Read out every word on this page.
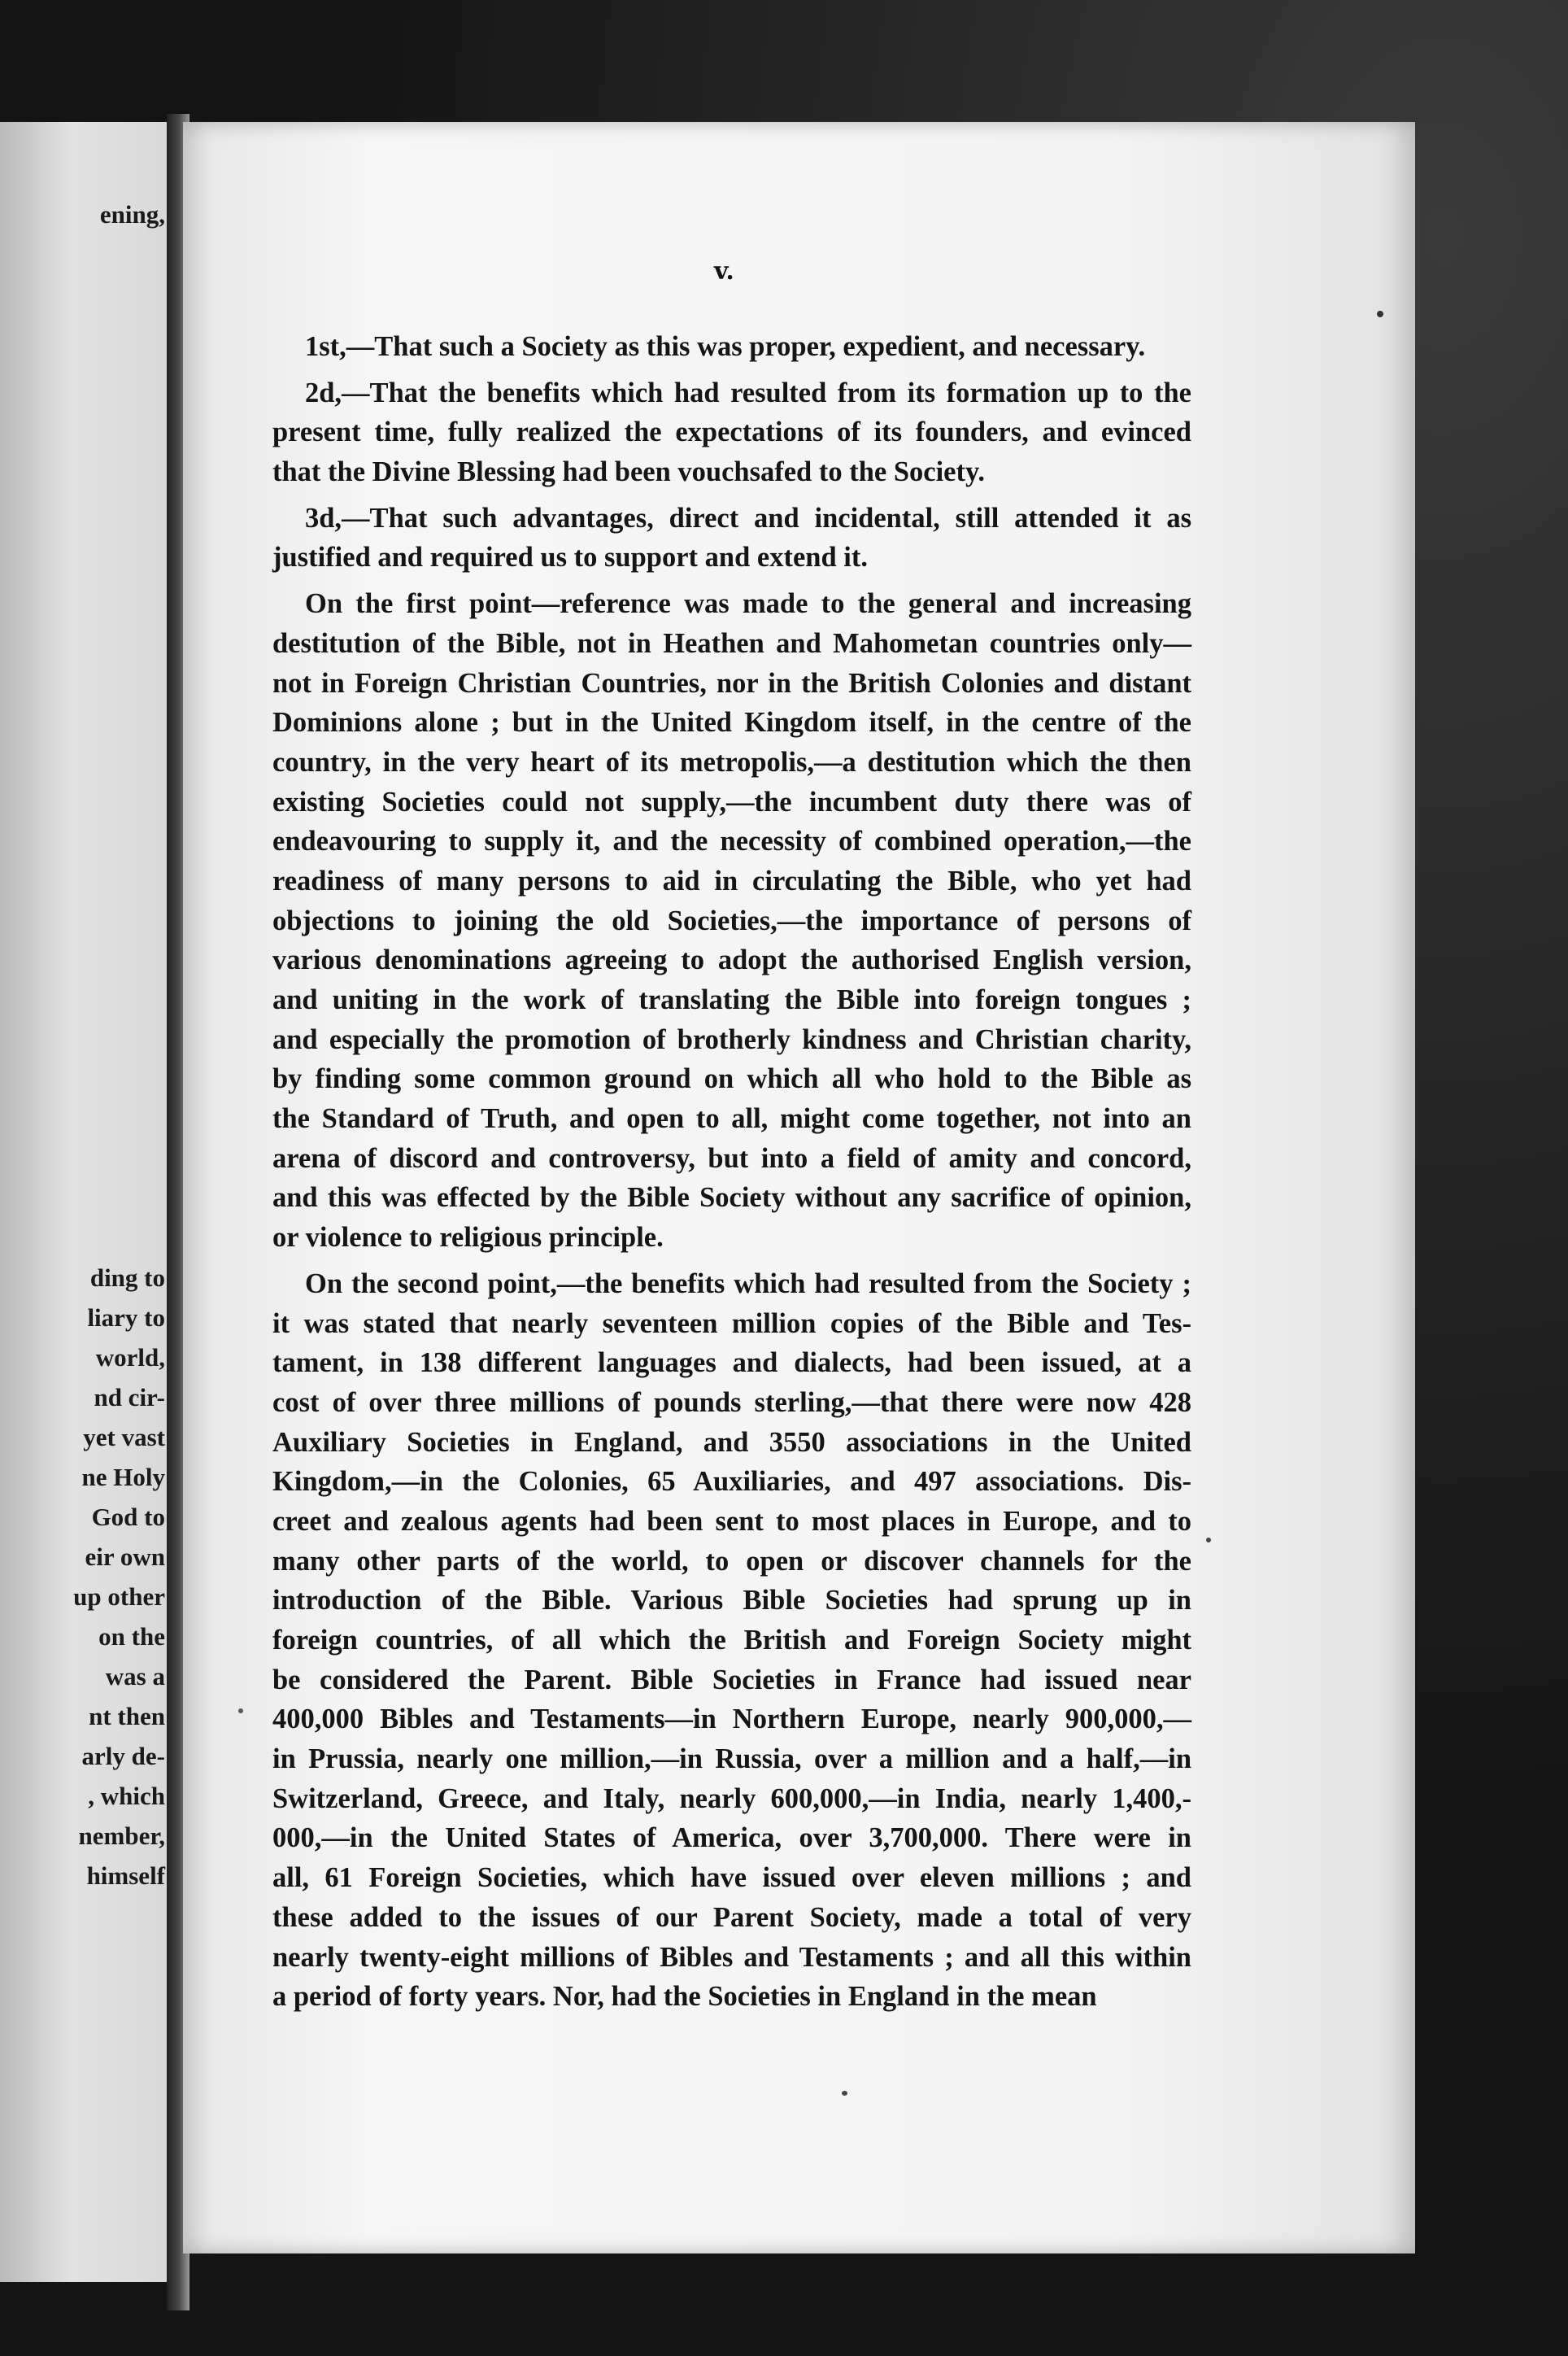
ening,
ding to
liary to
world,
nd cir-
yet vast
ne Holy
God to
eir own
up other
on the
was a
nt then
arly de-
, which
nember,
himself
v.
1st,—That such a Society as this was proper, expedient, and necessary.
2d,—That the benefits which had resulted from its formation up to the
present time, fully realized the expectations of its founders, and evinced
that the Divine Blessing had been vouchsafed to the Society.
3d,—That such advantages, direct and incidental, still attended it as
justified and required us to support and extend it.
On the first point—reference was made to the general and increasing
destitution of the Bible, not in Heathen and Mahometan countries only—
not in Foreign Christian Countries, nor in the British Colonies and distant
Dominions alone ; but in the United Kingdom itself, in the centre of the
country, in the very heart of its metropolis,—a destitution which the then
existing Societies could not supply,—the incumbent duty there was of
endeavouring to supply it, and the necessity of combined operation,—the
readiness of many persons to aid in circulating the Bible, who yet had
objections to joining the old Societies,—the importance of persons of
various denominations agreeing to adopt the authorised English version,
and uniting in the work of translating the Bible into foreign tongues ;
and especially the promotion of brotherly kindness and Christian charity,
by finding some common ground on which all who hold to the Bible as
the Standard of Truth, and open to all, might come together, not into an
arena of discord and controversy, but into a field of amity and concord,
and this was effected by the Bible Society without any sacrifice of opinion,
or violence to religious principle.
On the second point,—the benefits which had resulted from the Society ;
it was stated that nearly seventeen million copies of the Bible and Tes-
tament, in 138 different languages and dialects, had been issued, at a
cost of over three millions of pounds sterling,—that there were now 428
Auxiliary Societies in England, and 3550 associations in the United
Kingdom,—in the Colonies, 65 Auxiliaries, and 497 associations. Dis-
creet and zealous agents had been sent to most places in Europe, and to
many other parts of the world, to open or discover channels for the
introduction of the Bible. Various Bible Societies had sprung up in
foreign countries, of all which the British and Foreign Society might
be considered the Parent. Bible Societies in France had issued near
400,000 Bibles and Testaments—in Northern Europe, nearly 900,000,—
in Prussia, nearly one million,—in Russia, over a million and a half,—in
Switzerland, Greece, and Italy, nearly 600,000,—in India, nearly 1,400,-
000,—in the United States of America, over 3,700,000. There were in
all, 61 Foreign Societies, which have issued over eleven millions ; and
these added to the issues of our Parent Society, made a total of very
nearly twenty-eight millions of Bibles and Testaments ; and all this within
a period of forty years. Nor, had the Societies in England in the mean
